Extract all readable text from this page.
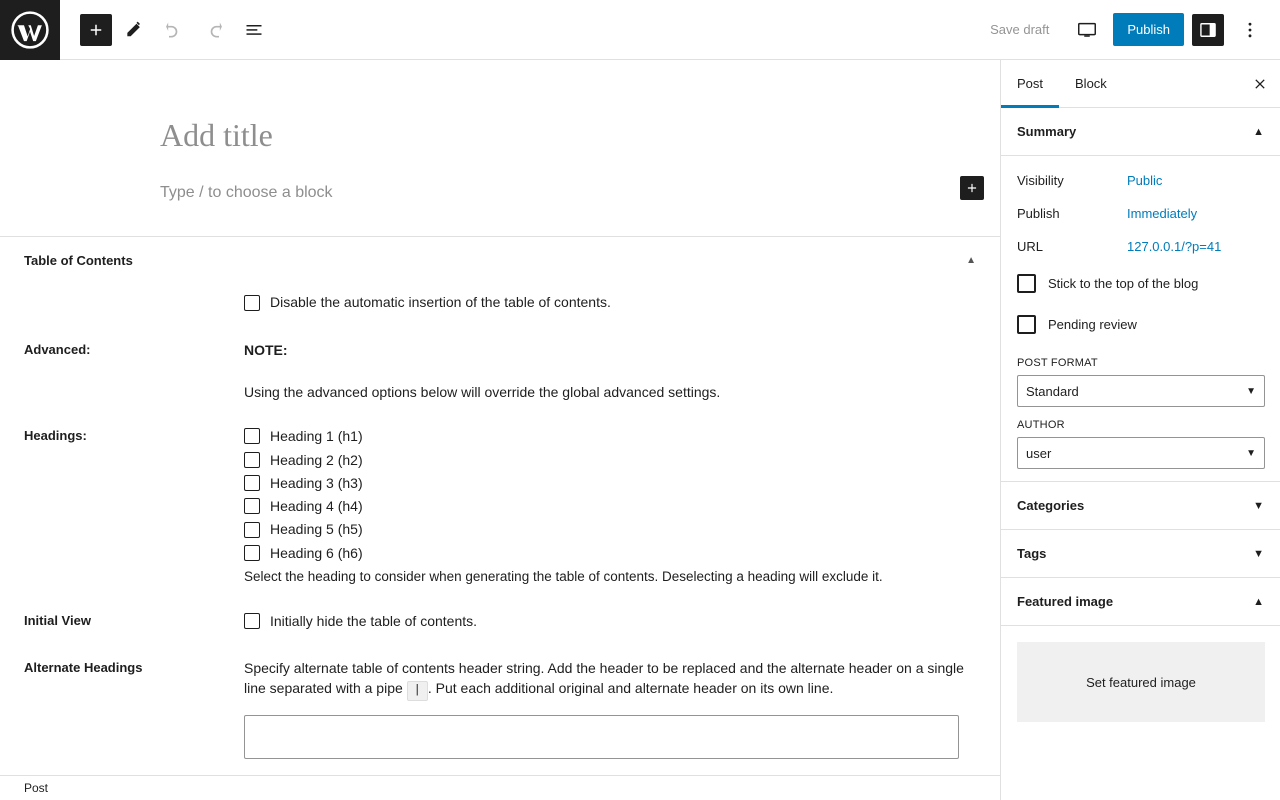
Save draft	Publish
Add title
Type / to choose a block
Table of Contents	▲
Disable the automatic insertion of the table of contents.
Advanced:	NOTE:
Using the advanced options below will override the global advanced settings.
Headings:	Heading 1 (h1)
Heading 2 (h2)
Heading 3 (h3)
Heading 4 (h4)
Heading 5 (h5)
Heading 6 (h6)
Select the heading to consider when generating the table of contents. Deselecting a heading will exclude it.
Initial View	Initially hide the table of contents.
Alternate Headings	Specify alternate table of contents header string. Add the header to be replaced and the alternate header on a single line separated with a pipe | . Put each additional original and alternate header on its own line.
Post
Post	Block
Summary	▲
Visibility	Public
Publish	Immediately
URL	127.0.0.1/?p=41
Stick to the top of the blog
Pending review
POST FORMAT
Standard	▼
AUTHOR
user	▼
Categories	▼
Tags	▼
Featured image	▲
Set featured image
